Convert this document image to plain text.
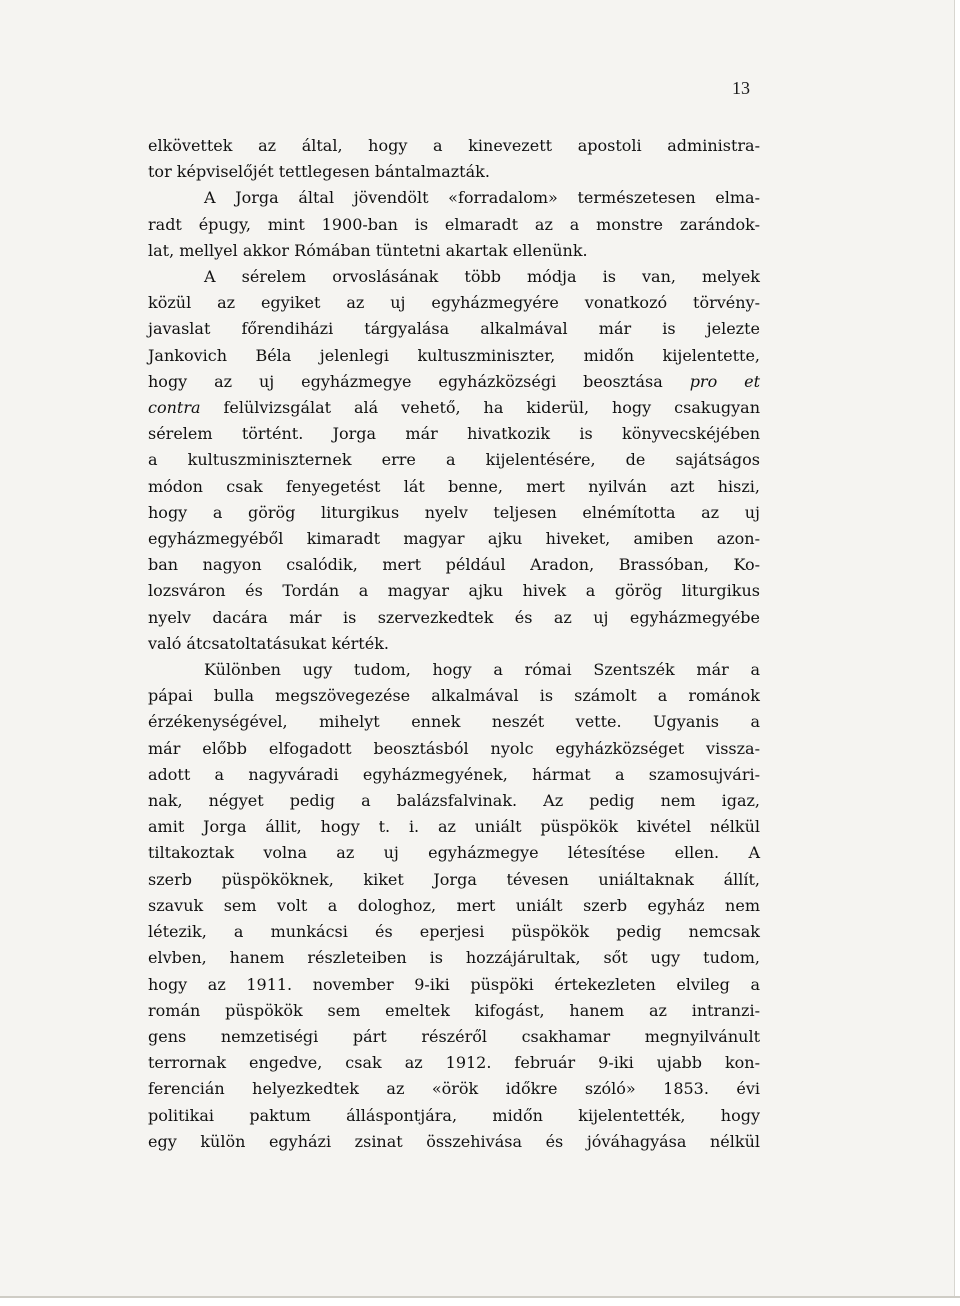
13
elkövettek az által, hogy a kinevezett apostoli administra-
tor képviselőjét tettlegesen bántalmazták.
A Jorga által jövendölt «forradalom» természetesen elma-
radt épugy, mint 1900-ban is elmaradt az a monstre zarándok-
lat, mellyel akkor Rómában tüntetni akartak ellenünk.
A sérelem orvoslásának több módja is van, melyek
közül az egyiket az uj egyházmegyére vonatkozó törvény-
javaslat főrendiházi tárgyalása alkalmával már is jelezte
Jankovich Béla jelenlegi kultuszminiszter, midőn kijelentette,
hogy az uj egyházmegye egyházközségi beosztása pro et
contra felülvizsgálat alá vehető, ha kiderül, hogy csakugyan
sérelem történt. Jorga már hivatkozik is könyvecskéjében
a kultuszminiszternek erre a kijelentésére, de sajátságos
módon csak fenyegetést lát benne, mert nyilván azt hiszi,
hogy a görög liturgikus nyelv teljesen elnémította az uj
egyházmegyéből kimaradt magyar ajku hiveket, amiben azon-
ban nagyon csalódik, mert például Aradon, Brassóban, Ko-
lozsváron és Tordán a magyar ajku hivek a görög liturgikus
nyelv dacára már is szervezkedtek és az uj egyházmegyébe
való átcsatoltatásukat kérték.
Különben ugy tudom, hogy a római Szentszék már a
pápai bulla megszövegezése alkalmával is számolt a románok
érzékenységével, mihelyt ennek neszét vette. Ugyanis a
már előbb elfogadott beosztásból nyolc egyházközséget vissza-
adott a nagyváradi egyházmegyének, hármat a szamosujvári-
nak, négyet pedig a balázsfalvinak. Az pedig nem igaz,
amit Jorga állit, hogy t. i. az uniált püspökök kivétel nélkül
tiltakoztak volna az uj egyházmegye létesítése ellen. A
szerb püspököknek, kiket Jorga tévesen uniáltaknak állít,
szavuk sem volt a dologhoz, mert uniált szerb egyház nem
létezik, a munkácsi és eperjesi püspökök pedig nemcsak
elvben, hanem részleteiben is hozzájárultak, sőt ugy tudom,
hogy az 1911. november 9-iki püspöki értekezleten elvileg a
román püspökök sem emeltek kifogást, hanem az intranzi-
gens nemzetiségi párt részéről csakhamar megnyilvánult
terrornak engedve, csak az 1912. február 9-iki ujabb kon-
ferencián helyezkedtek az «örök időkre szóló» 1853. évi
politikai paktum álláspontjára, midőn kijelentették, hogy
egy külön egyházi zsinat összehivása és jóváhagyása nélkül
